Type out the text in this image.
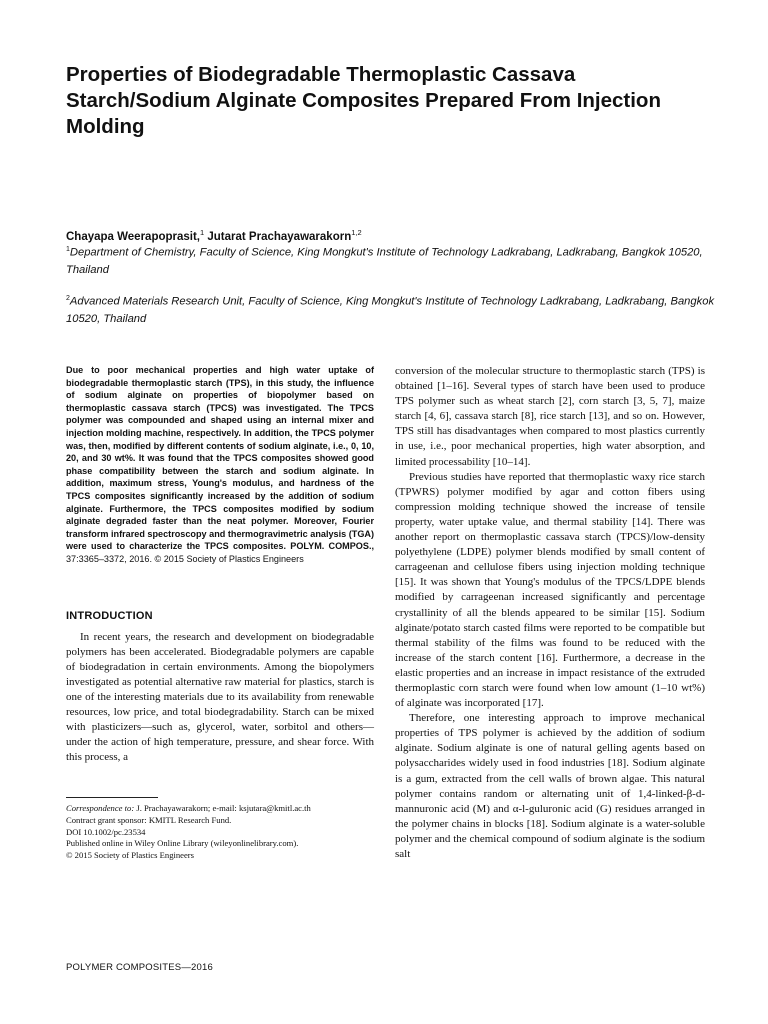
Properties of Biodegradable Thermoplastic Cassava Starch/Sodium Alginate Composites Prepared From Injection Molding
Chayapa Weerapoprasit,$^1$ Jutarat Prachayawarakorn$^{1,2}$
$^1$Department of Chemistry, Faculty of Science, King Mongkut's Institute of Technology Ladkrabang, Ladkrabang, Bangkok 10520, Thailand
$^2$Advanced Materials Research Unit, Faculty of Science, King Mongkut's Institute of Technology Ladkrabang, Ladkrabang, Bangkok 10520, Thailand

Due to poor mechanical properties and high water uptake of biodegradable thermoplastic starch (TPS), in this study, the influence of sodium alginate on properties of biopolymer based on thermoplastic cassava starch (TPCS) was investigated. The TPCS polymer was compounded and shaped using an internal mixer and injection molding machine, respectively. In addition, the TPCS polymer was, then, modified by different contents of sodium alginate, i.e., 0, 10, 20, and 30 wt%. It was found that the TPCS composites showed good phase compatibility between the starch and sodium alginate. In addition, maximum stress, Young's modulus, and hardness of the TPCS composites significantly increased by the addition of sodium alginate. Furthermore, the TPCS composites modified by sodium alginate degraded faster than the neat polymer. Moreover, Fourier transform infrared spectroscopy and thermogravimetric analysis (TGA) were used to characterize the TPCS composites. POLYM. COMPOS., 37:3365–3372, 2016. © 2015 Society of Plastics Engineers

INTRODUCTION

In recent years, the research and development on biodegradable polymers has been accelerated. Biodegradable polymers are capable of biodegradation in certain environments. Among the biopolymers investigated as potential alternative raw material for plastics, starch is one of the interesting materials due to its availability from renewable resources, low price, and total biodegradability. Starch can be mixed with plasticizers—such as, glycerol, water, sorbitol and others—under the action of high temperature, pressure, and shear force. With this process, a

Correspondence to: J. Prachayawarakorn; e-mail: ksjutara@kmitl.ac.th

Contract grant sponsor: KMITL Research Fund.

DOI 10.1002/pc.23534

Published online in Wiley Online Library (wileyonlinelibrary.com).

© 2015 Society of Plastics Engineers

conversion of the molecular structure to thermoplastic starch (TPS) is obtained [1–16]. Several types of starch have been used to produce TPS polymer such as wheat starch [2], corn starch [3, 5, 7], maize starch [4, 6], cassava starch [8], rice starch [13], and so on. However, TPS still has disadvantages when compared to most plastics currently in use, i.e., poor mechanical properties, high water absorption, and limited processability [10–14].

Previous studies have reported that thermoplastic waxy rice starch (TPWRS) polymer modified by agar and cotton fibers using compression molding technique showed the increase of tensile property, water uptake value, and thermal stability [14]. There was another report on thermoplastic cassava starch (TPCS)/low-density polyethylene (LDPE) polymer blends modified by small content of carrageenan and cellulose fibers using injection molding technique [15]. It was shown that Young's modulus of the TPCS/LDPE blends modified by carrageenan increased significantly and percentage crystallinity of all the blends appeared to be similar [15]. Sodium alginate/potato starch casted films were reported to be compatible but thermal stability of the films was found to be reduced with the increase of the starch content [16]. Furthermore, a decrease in the elastic properties and an increase in impact resistance of the extruded thermoplastic corn starch were found when low amount (1–10 wt%) of alginate was incorporated [17].

Therefore, one interesting approach to improve mechanical properties of TPS polymer is achieved by the addition of sodium alginate. Sodium alginate is one of natural gelling agents based on polysaccharides widely used in food industries [18]. Sodium alginate is a gum, extracted from the cell walls of brown algae. This natural polymer contains random or alternating unit of 1,4-linked-β-d-mannuronic acid (M) and α-l-guluronic acid (G) residues arranged in the polymer chains in blocks [18]. Sodium alginate is a water-soluble polymer and the chemical compound of sodium alginate is the sodium salt

POLYMER COMPOSITES—2016
